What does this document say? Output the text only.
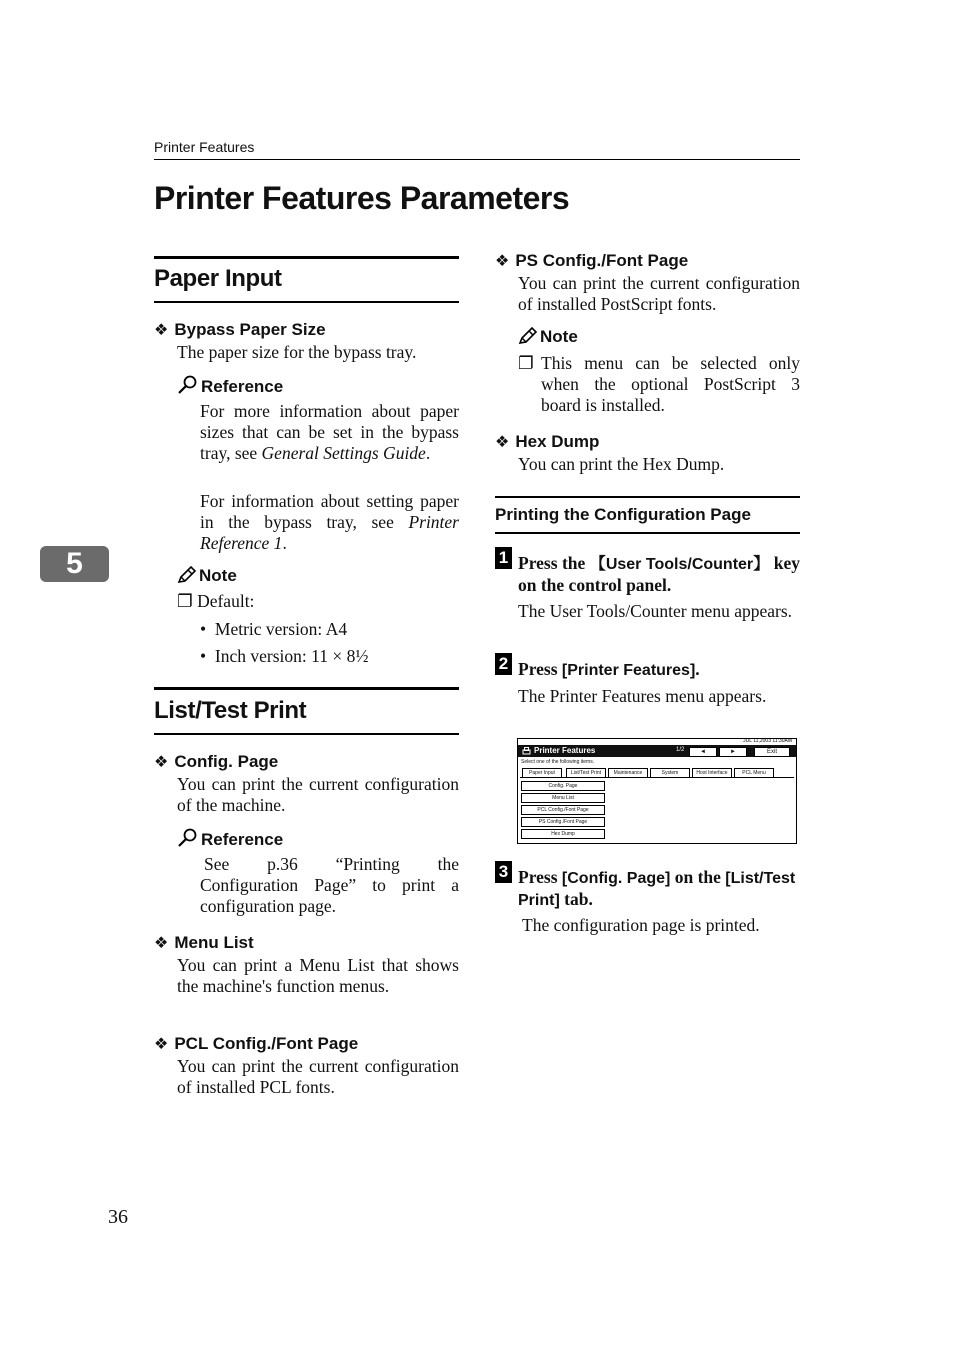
Printer Features
Printer Features Parameters
5
Paper Input
❖ Bypass Paper Size
The paper size for the bypass tray.
Reference
For more information about paper sizes that can be set in the bypass tray, see General Settings Guide.
For information about setting paper in the bypass tray, see Printer Reference 1.
Note
❐ Default:
•  Metric version: A4
•  Inch version: 11 × 8½
List/Test Print
❖ Config. Page
You can print the current configuration of the machine.
Reference
See p.36 “Printing the Configuration Page” to print a configuration page.
❖ Menu List
You can print a Menu List that shows the machine's function menus.
❖ PCL Config./Font Page
You can print the current configuration of installed PCL fonts.
❖ PS Config./Font Page
You can print the current configuration of installed PostScript fonts.
Note
❐ This menu can be selected only when the optional PostScript 3 board is installed.
❖ Hex Dump
You can print the Hex Dump.
Printing the Configuration Page
1 Press the 【User Tools/Counter】 key on the control panel.
The User Tools/Counter menu appears.
2 Press [Printer Features].
The Printer Features menu appears.
JUL 11,2003 11:30AM
Printer Features	1/2	◄	►	Exit
Select one of the following items.
Paper Input	List/Test Print	Maintenance	System	Host Interface	PCL Menu
Config. Page
Menu List
PCL Config./Font Page
PS Config./Font Page
Hex Dump
3 Press [Config. Page] on the [List/Test Print] tab.
The configuration page is printed.
36
